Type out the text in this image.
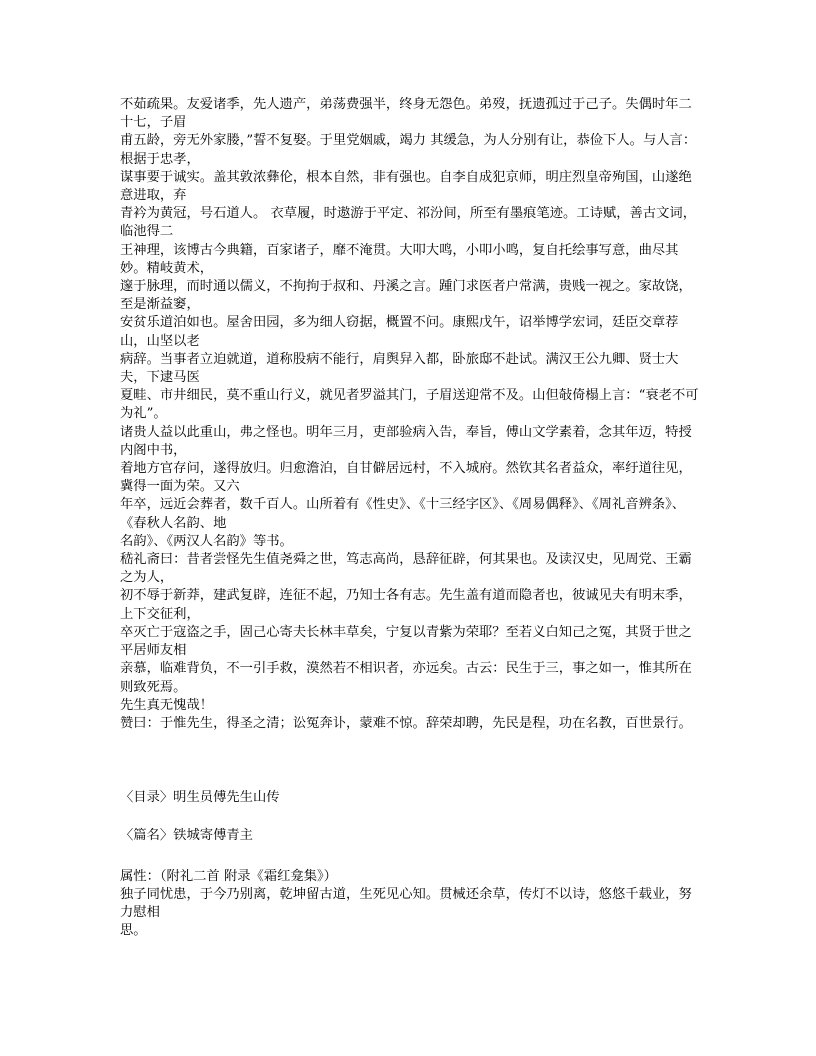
不茹疏果。友爱诸季，先人遗产，弟荡费强半，终身无怨色。弟歿，抚遗孤过于己子。失偶时年二十七，子眉
甫五龄，旁无外家媵，”誓不复娶。于里党姻戚，竭力 其缓急，为人分别有让，恭俭下人。与人言：根据于忠孝，
谋事要于诚实。盖其敦浓彝伦，根本自然，非有强也。自李自成犯京师，明庄烈皇帝殉国，山遂绝意进取，弃
青衿为黄冠，号石道人。 衣草履，时遨游于平定、祁汾间，所至有墨痕笔迹。工诗赋，善古文词，临池得二
王神理，该博古今典籍，百家诸子，靡不淹贯。大叩大鸣，小叩小鸣，复自托绘事写意，曲尽其妙。精岐黄术，
邃于脉理，而时通以儒义，不拘拘于叔和、丹溪之言。踵门求医者户常满，贵贱一视之。家故饶，至是渐益窭，
安贫乐道泊如也。屋舍田园，多为细人窃据，概置不问。康熙戊午，诏举博学宏词，廷臣交章荐山，山坚以老
病辞。当事者立迫就道，道称股病不能行，肩舆舁入都，卧旅邸不赴试。满汉王公九卿、贤士大夫，下逮马医
夏畦、市井细民，莫不重山行义，就见者罗溢其门，子眉送迎常不及。山但敧倚榻上言：“衰老不可为礼”。
诸贵人益以此重山，弗之怪也。明年三月，吏部验病入告，奉旨，傅山文学素着，念其年迈，特授内阁中书，
着地方官存问，遂得放归。归愈澹泊，自甘僻居远村，不入城府。然钦其名者益众，率纡道往见，冀得一面为荣。又六
年卒，远近会葬者，数千百人。山所着有《性史》、《十三经字区》、《周易偶释》、《周礼音辨条》、《春秋人名韵、地
名韵》、《两汉人名韵》等书。
嵇礼斋曰：昔者尝怪先生值尧舜之世，笃志高尚，恳辞征辟，何其果也。及读汉史，见周党、王霸之为人，
初不辱于新莽，建武复辟，连征不起，乃知士各有志。先生盖有道而隐者也，彼诚见夫有明末季，上下交征利，
卒灭亡于寇盗之手，固己心寄夫长林丰草矣，宁复以青紫为荣耶？至若义白知己之冤，其贤于世之平居师友相
亲慕，临难背负，不一引手救，漠然若不相识者，亦远矣。古云：民生于三，事之如一，惟其所在则致死焉。
先生真无愧哉！
赞曰：于惟先生，得圣之清；讼冤奔讣，蒙难不惊。辞荣却聘，先民是程，功在名教，百世景行。
〈目录〉明生员傅先生山传
〈篇名〉铁城寄傅青主
属性：（附礼二首 附录《霜红龛集》）
独子同忧患，于今乃别离，乾坤留古道，生死见心知。贯械还余草，传灯不以诗，悠悠千载业，努力慰相
思。
